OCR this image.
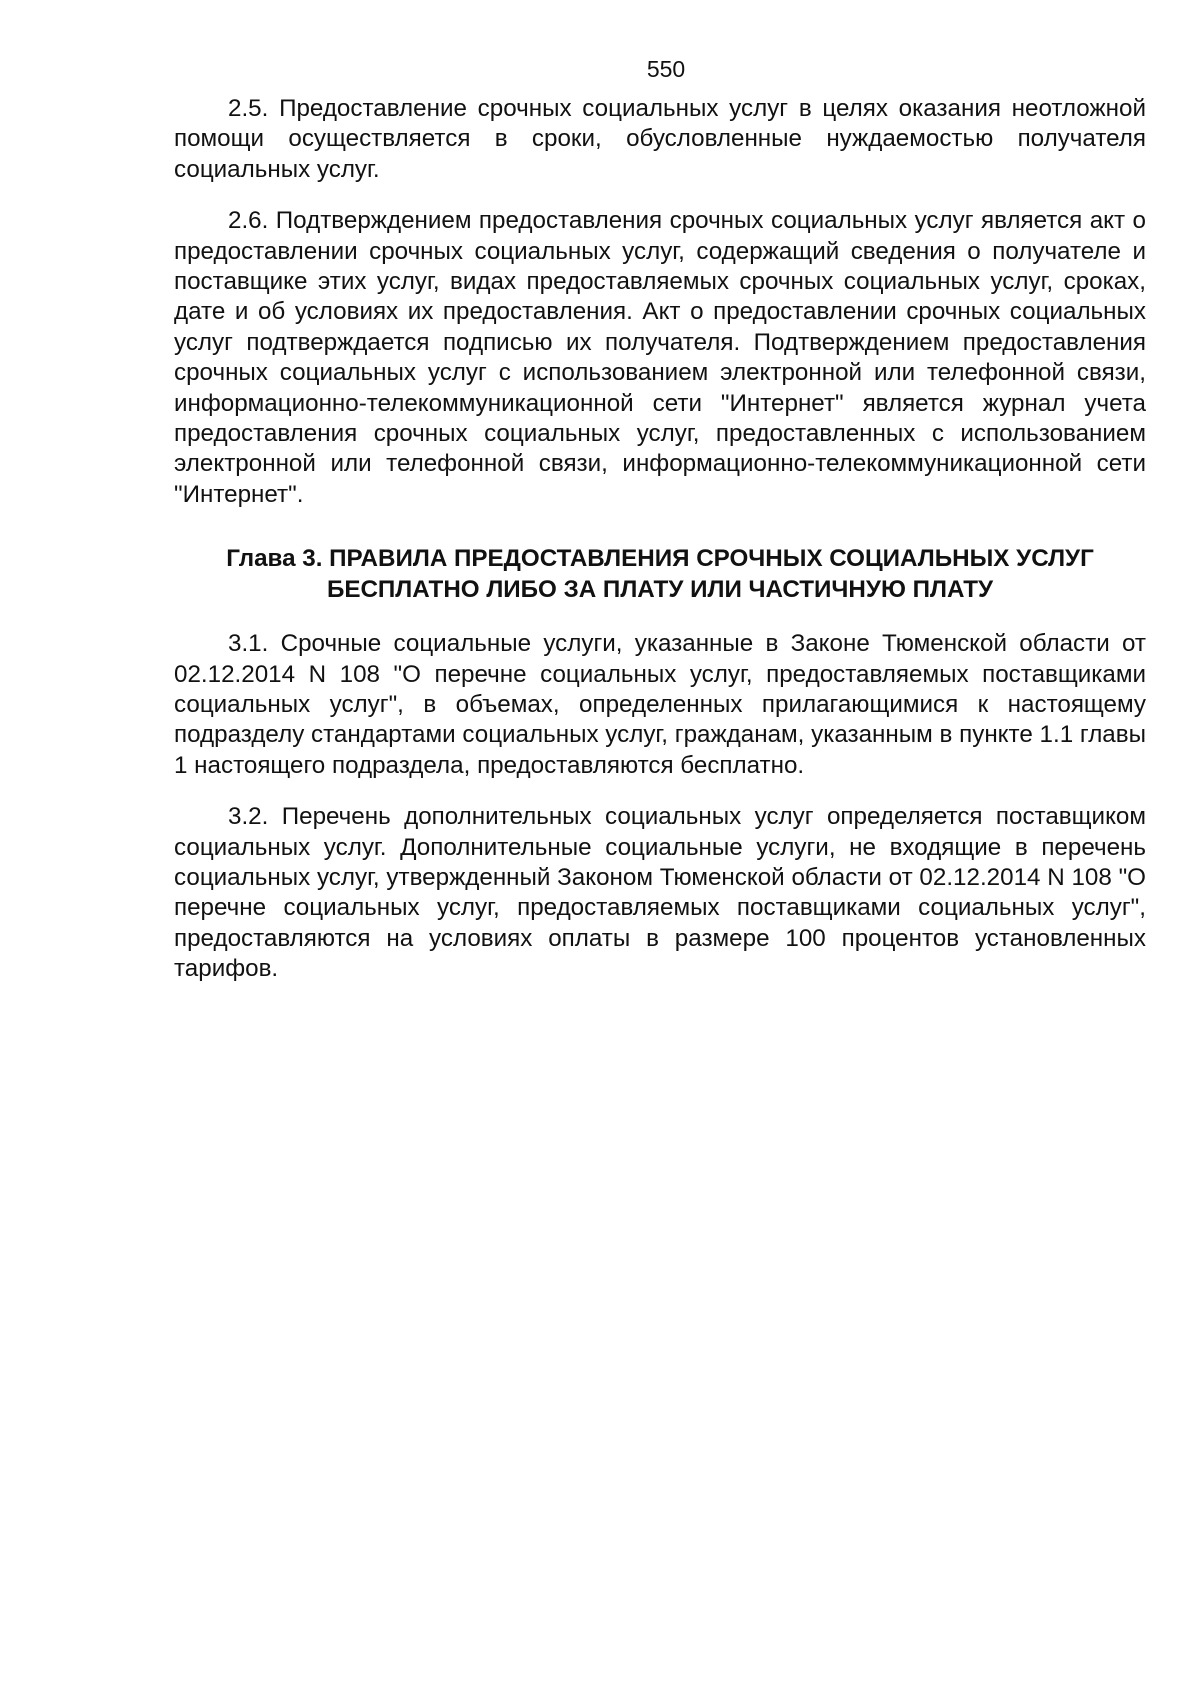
550

2.5. Предоставление срочных социальных услуг в целях оказания неотложной помощи осуществляется в сроки, обусловленные нуждаемостью получателя социальных услуг.

2.6. Подтверждением предоставления срочных социальных услуг является акт о предоставлении срочных социальных услуг, содержащий сведения о получателе и поставщике этих услуг, видах предоставляемых срочных социальных услуг, сроках, дате и об условиях их предоставления. Акт о предоставлении срочных социальных услуг подтверждается подписью их получателя. Подтверждением предоставления срочных социальных услуг с использованием электронной или телефонной связи, информационно-телекоммуникационной сети "Интернет" является журнал учета предоставления срочных социальных услуг, предоставленных с использованием электронной или телефонной связи, информационно-телекоммуникационной сети "Интернет".

Глава 3. ПРАВИЛА ПРЕДОСТАВЛЕНИЯ СРОЧНЫХ СОЦИАЛЬНЫХ УСЛУГ
БЕСПЛАТНО ЛИБО ЗА ПЛАТУ ИЛИ ЧАСТИЧНУЮ ПЛАТУ

3.1. Срочные социальные услуги, указанные в Законе Тюменской области от 02.12.2014 N 108 "О перечне социальных услуг, предоставляемых поставщиками социальных услуг", в объемах, определенных прилагающимися к настоящему подразделу стандартами социальных услуг, гражданам, указанным в пункте 1.1 главы 1 настоящего подраздела, предоставляются бесплатно.

3.2. Перечень дополнительных социальных услуг определяется поставщиком социальных услуг. Дополнительные социальные услуги, не входящие в перечень социальных услуг, утвержденный Законом Тюменской области от 02.12.2014 N 108 "О перечне социальных услуг, предоставляемых поставщиками социальных услуг", предоставляются на условиях оплаты в размере 100 процентов установленных тарифов.
